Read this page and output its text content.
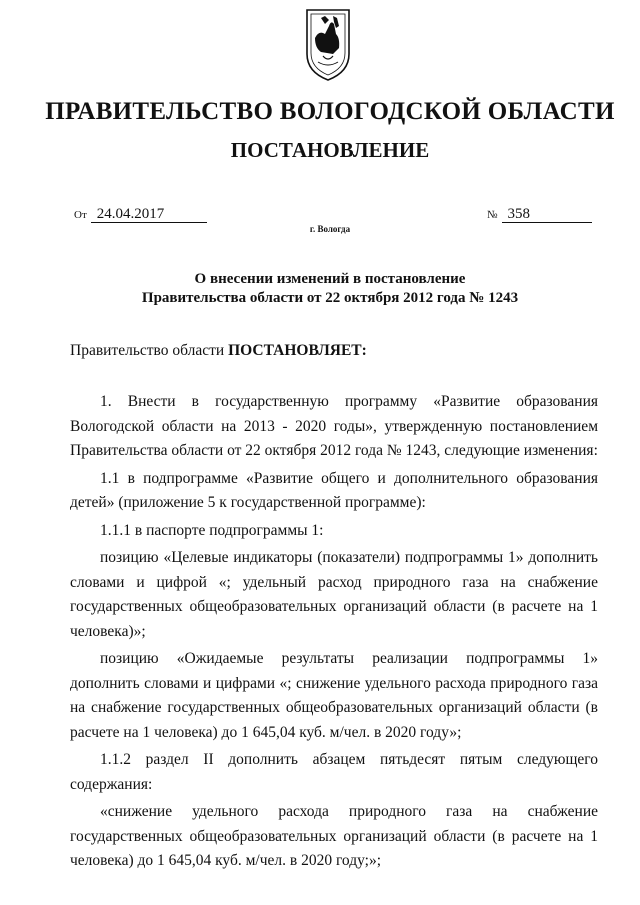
ПРАВИТЕЛЬСТВО ВОЛОГОДСКОЙ ОБЛАСТИ
ПОСТАНОВЛЕНИЕ
От 24.04.2017	№ 358
г. Вологда
О внесении изменений в постановление
Правительства области от 22 октября 2012 года № 1243
Правительство области ПОСТАНОВЛЯЕТ:

1. Внести в государственную программу «Развитие образования Вологодской области на 2013 - 2020 годы», утвержденную постановлением Правительства области от 22 октября 2012 года № 1243, следующие изменения:

1.1 в подпрограмме «Развитие общего и дополнительного образования детей» (приложение 5 к государственной программе):

1.1.1 в паспорте подпрограммы 1:

позицию «Целевые индикаторы (показатели) подпрограммы 1» дополнить словами и цифрой «; удельный расход природного газа на снабжение государственных общеобразовательных организаций области (в расчете на 1 человека)»;

позицию «Ожидаемые результаты реализации подпрограммы 1» дополнить словами и цифрами «; снижение удельного расхода природного газа на снабжение государственных общеобразовательных организаций области (в расчете на 1 человека) до 1 645,04 куб. м/чел. в 2020 году»;

1.1.2 раздел II дополнить абзацем пятьдесят пятым следующего содержания:

«снижение удельного расхода природного газа на снабжение государственных общеобразовательных организаций области (в расчете на 1 человека) до 1 645,04 куб. м/чел. в 2020 году;»;
